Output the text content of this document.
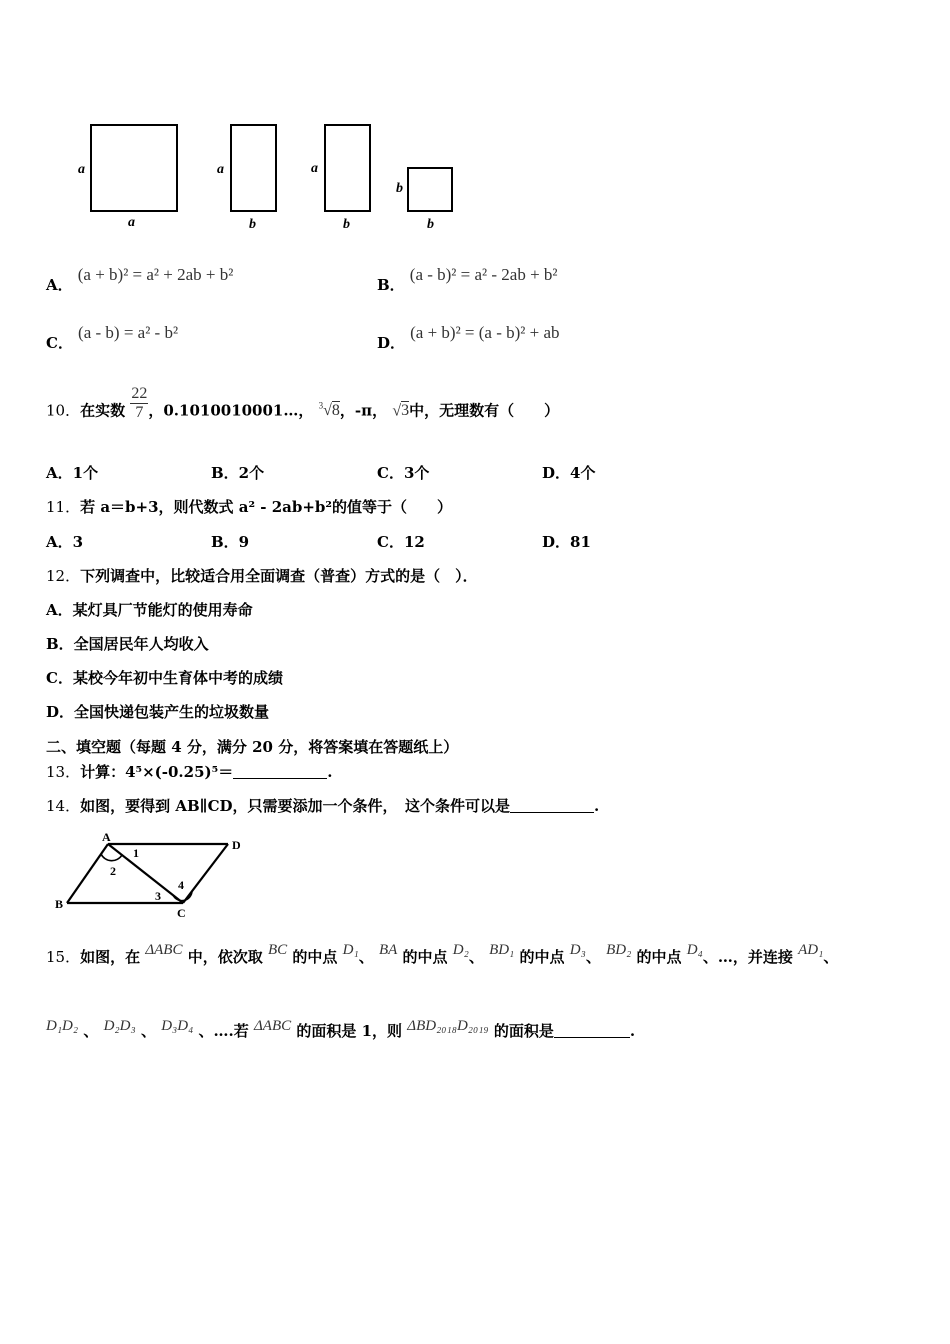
a
a
a
b
a
b
b
b
A． (a + b)² = a² + 2ab + b²
B． (a - b)² = a² - 2ab + b²
C． (a - b) = a² - b²
D． (a + b)² = (a - b)² + ab
10．在实数 $\frac{22}{7}$ ，0.1010010001…， $^3$√8，-π， √3中，无理数有（　　）
A．1个	B．2个	C．3个	D．4个
11．若 a＝b+3，则代数式 a² - 2ab+b²的值等于（　　）
A．3	B．9	C．12	D．81
12．下列调查中，比较适合用全面调查（普查）方式的是（　）．
A．某灯具厂节能灯的使用寿命
B．全国居民年人均收入
C．某校今年初中生育体中考的成绩
D．全国快递包装产生的垃圾数量
二、填空题（每题 4 分，满分 20 分，将答案填在答题纸上）
13．计算：4⁵×(-0.25)⁵＝	.
14．如图，要得到 AB∥CD，只需要添加一个条件，　这个条件可以是	.
A
D
B
C
1
2
3
4
15．如图，在 ΔABC 中，依次取 BC 的中点 D₁、 BA 的中点 D₂、 BD₁ 的中点 D₃、 BD₂ 的中点 D₄、…，并连接 AD₁、
D₁D₂ 、 D₂D₃ 、 D₃D₄ 、….若 ΔABC 的面积是 1，则 ΔBD₂₀₁₈D₂₀₁₉ 的面积是	.
